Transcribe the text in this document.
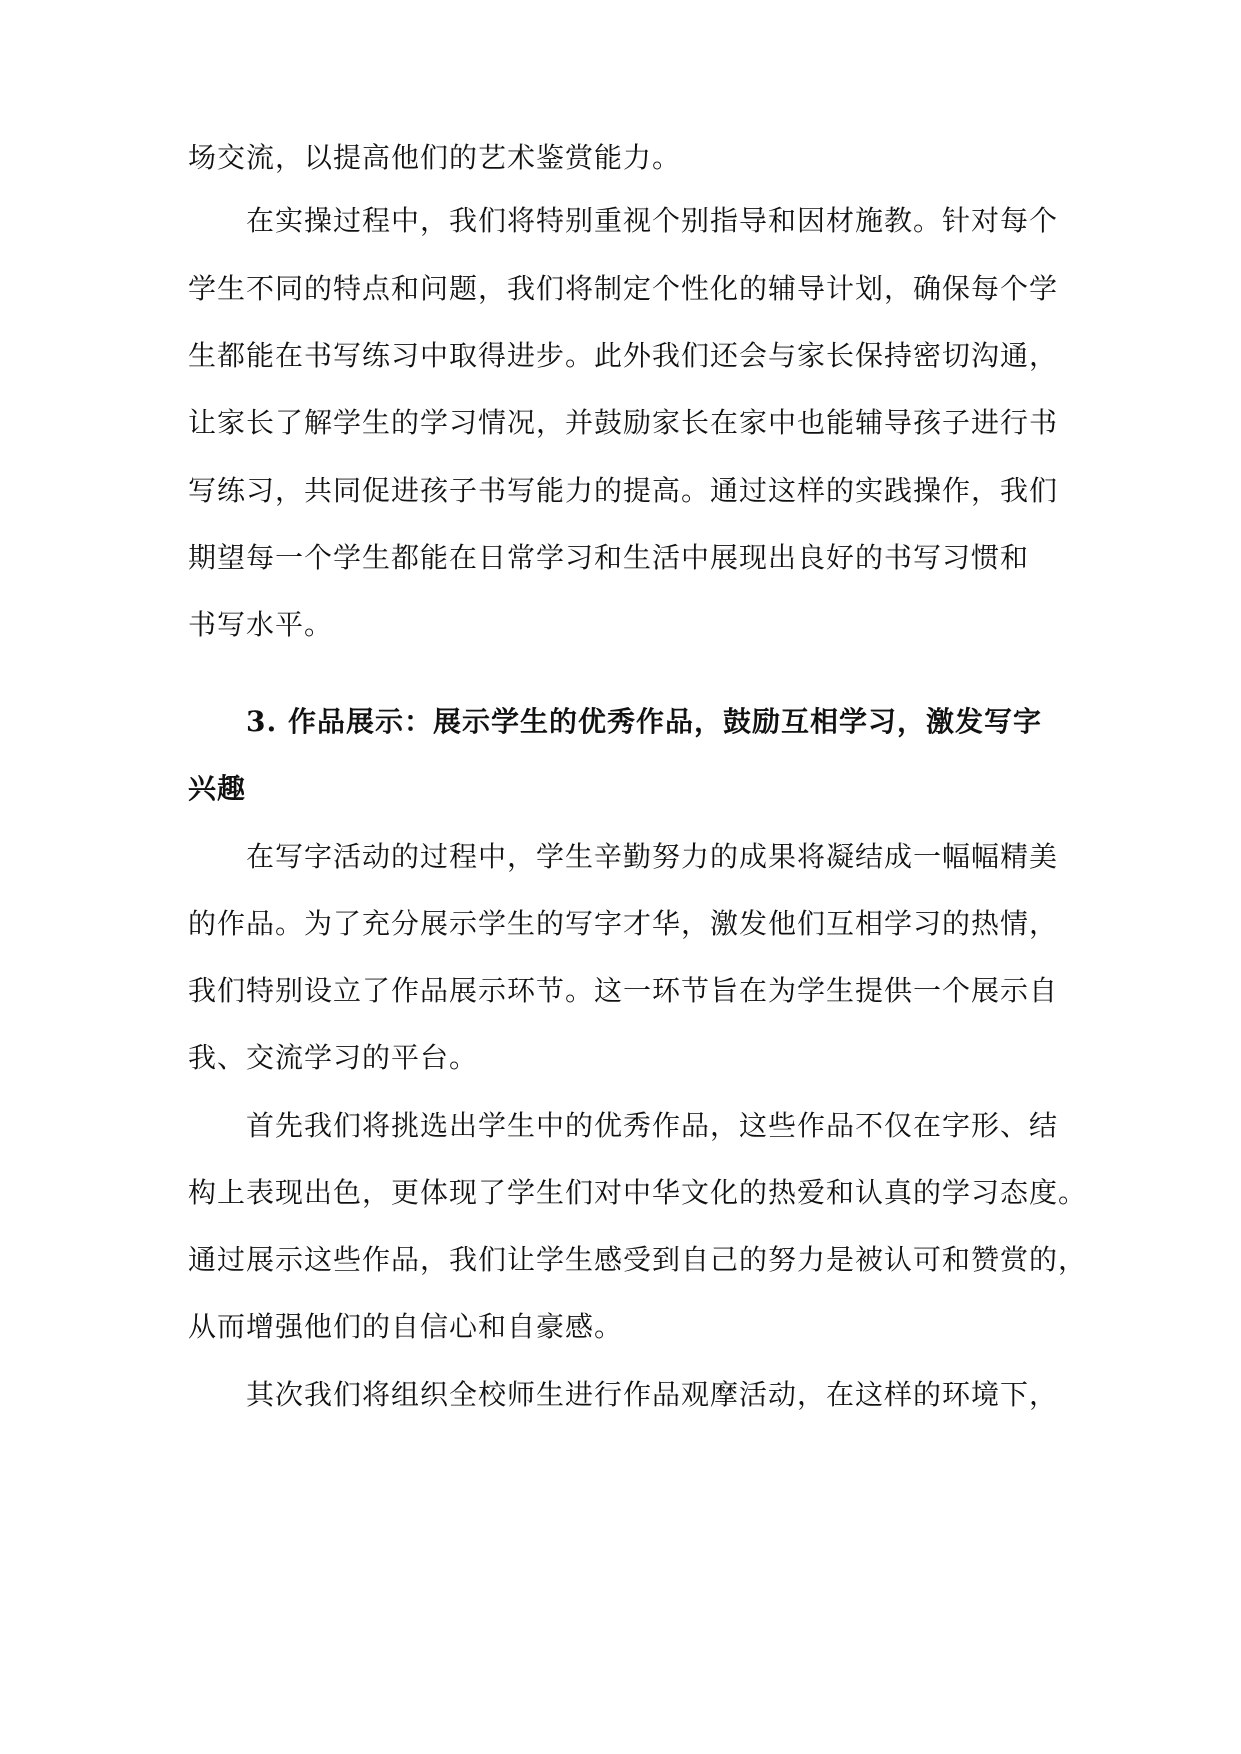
场交流，以提高他们的艺术鉴赏能力。
在实操过程中，我们将特别重视个别指导和因材施教。针对每个
学生不同的特点和问题，我们将制定个性化的辅导计划，确保每个学
生都能在书写练习中取得进步。此外我们还会与家长保持密切沟通，
让家长了解学生的学习情况，并鼓励家长在家中也能辅导孩子进行书
写练习，共同促进孩子书写能力的提高。通过这样的实践操作，我们
期望每一个学生都能在日常学习和生活中展现出良好的书写习惯和
书写水平。
3. 作品展示：展示学生的优秀作品，鼓励互相学习，激发写字
兴趣
在写字活动的过程中，学生辛勤努力的成果将凝结成一幅幅精美
的作品。为了充分展示学生的写字才华，激发他们互相学习的热情，
我们特别设立了作品展示环节。这一环节旨在为学生提供一个展示自
我、交流学习的平台。
首先我们将挑选出学生中的优秀作品，这些作品不仅在字形、结
构上表现出色，更体现了学生们对中华文化的热爱和认真的学习态度。
通过展示这些作品，我们让学生感受到自己的努力是被认可和赞赏的，
从而增强他们的自信心和自豪感。
其次我们将组织全校师生进行作品观摩活动，在这样的环境下，
